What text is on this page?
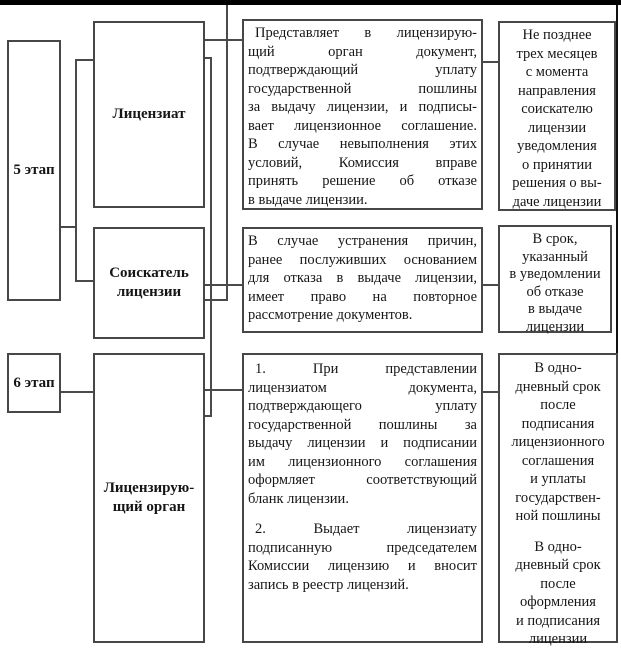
5 этап
6 этап
Лицензиат
Соискатель
лицензии
Лицензирую-
щий орган
Представляет в лицензирую-
щий орган документ,
подтверждающий уплату
государственной пошлины
за выдачу лицензии, и подписы-
вает лицензионное соглашение.
В случае невыполнения этих
условий, Комиссия вправе
принять решение об отказе
в выдаче лицензии.
В случае устранения причин,
ранее послуживших основанием
для отказа в выдаче лицензии,
имеет право на повторное
рассмотрение документов.
1. При представлении
лицензиатом документа,
подтверждающего уплату
государственной пошлины за
выдачу лицензии и подписании
им лицензионного соглашения
оформляет соответствующий
бланк лицензии.
2. Выдает лицензиату
подписанную председателем
Комиссии лицензию и вносит
запись в реестр лицензий.
Не позднее
трех месяцев
с момента
направления
соискателю
лицензии
уведомления
о принятии
решения о вы-
даче лицензии
В срок,
указанный
в уведомлении
об отказе
в выдаче
лицензии
В одно-
дневный срок
после
подписания
лицензионного
соглашения
и уплаты
государствен-
ной пошлины
В одно-
дневный срок
после
оформления
и подписания
лицензии
